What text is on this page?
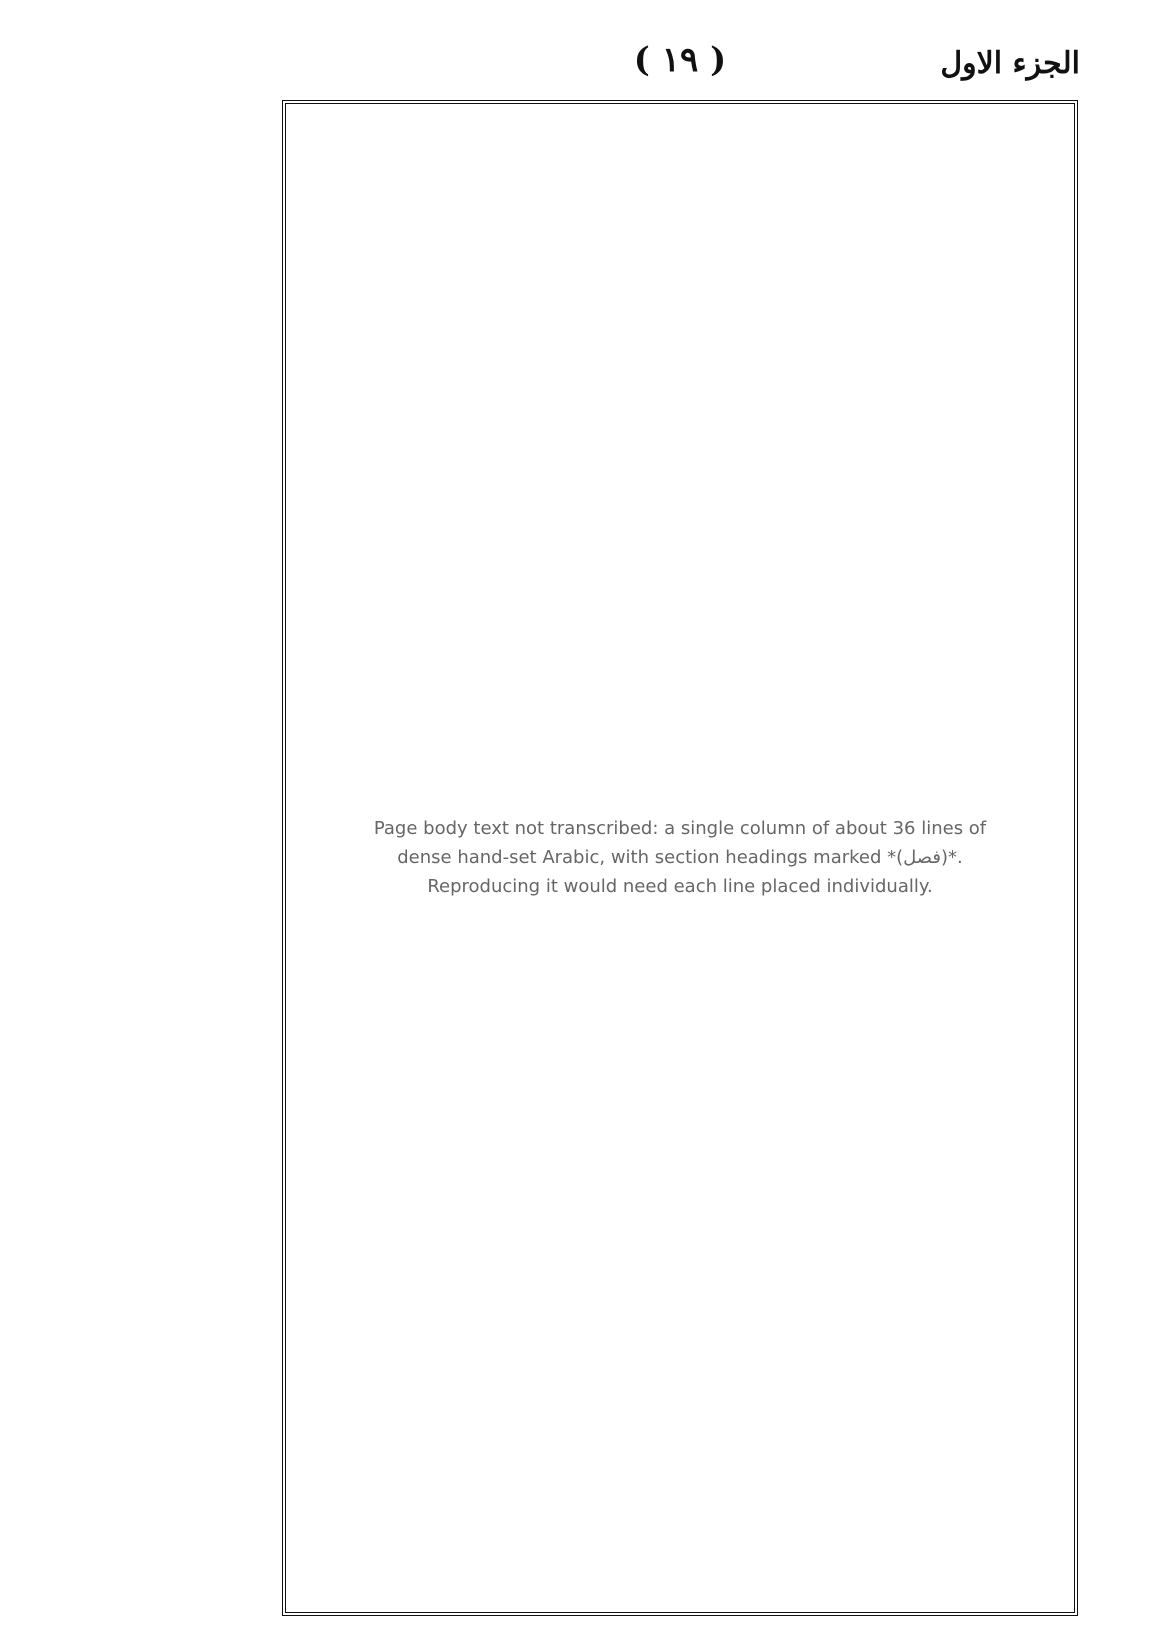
( ١٩ )	الجزء الاول
Page body text not transcribed: a single column of about 36 lines of dense hand-set Arabic, with section headings marked *(فصل)*. Reproducing it would need each line placed individually.
